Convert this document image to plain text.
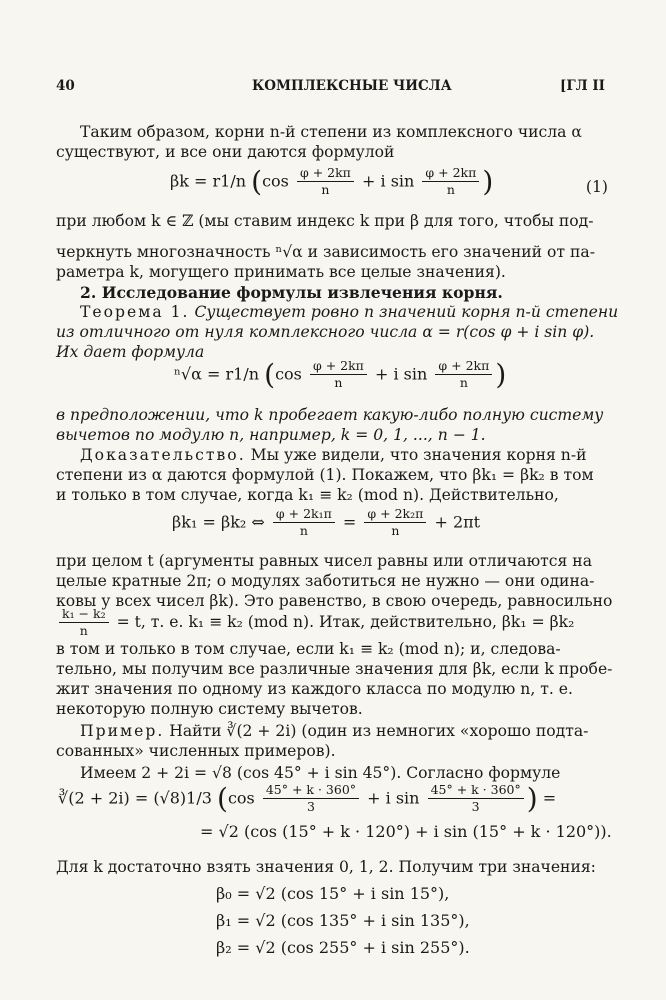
40	КОМПЛЕКСНЫЕ ЧИСЛА	[ГЛ II
Таким образом, корни n-й степени из комплексного числа α
существуют, и все они даются формулой
βk = r1/n ($\cos \frac{\varphi + 2k\pi}{n} + i$ $\sin \frac{\varphi + 2k\pi}{n}$ )	(1)
при любом k ∈ ℤ (мы ставим индекс k при β для того, чтобы под-
черкнуть многозначность ⁿ√α и зависимость его значений от па-
раметра k, могущего принимать все целые значения).
2. Исследование формулы извлечения корня.
Теорема 1. Существует ровно n значений корня n-й степени
из отличного от нуля комплексного числа α = r(cos φ + i sin φ).
Их дает формула
ⁿ√α = r1/n ($\cos \frac{\varphi + 2k\pi}{n} + i$ $\sin \frac{\varphi + 2k\pi}{n}$ )
в предположении, что k пробегает какую-либо полную систему
вычетов по модулю n, например, k = 0, 1, ..., n − 1.
Доказательство. Мы уже видели, что значения корня n-й
степени из α даются формулой (1). Покажем, что βk₁ = βk₂ в том
и только в том случае, когда k₁ ≡ k₂ (mod n). Действительно,
βk₁ = βk₂ ⇔ $\frac{\text{φ + 2k₁π}}{n} = \frac{\text{φ + 2k₂π}}{n} + 2\pi t$
при целом t (аргументы равных чисел равны или отличаются на
целые кратные 2π; о модулях заботиться не нужно — они одина-
ковы у всех чисел βk). Это равенство, в свою очередь, равносильно
$\frac{\text{k₁ − k₂}}{n} = t$, т. е. k₁ ≡ k₂ (mod n). Итак, действительно, βk₁ = βk₂
в том и только в том случае, если k₁ ≡ k₂ (mod n); и, следова-
тельно, мы получим все различные значения для βk, если k пробе-
жит значения по одному из каждого класса по модулю n, т. е.
некоторую полную систему вычетов.
Пример. Найти ∛(2 + 2i) (один из немногих «хорошо подта-
сованных» численных примеров).
Имеем 2 + 2i = √8 (cos 45° + i sin 45°). Согласно формуле
∛(2 + 2i) = (√8)1/3 ($\cos \frac{45^\circ + k \cdot 360^\circ}{3} + i$ $\sin \frac{45^\circ + k \cdot 360^\circ}{3}$ ) =
= √2 (cos (15° + k · 120°) + i sin (15° + k · 120°)).
Для k достаточно взять значения 0, 1, 2. Получим три значения:
β₀ = √2 (cos 15° + i sin 15°),
β₁ = √2 (cos 135° + i sin 135°),
β₂ = √2 (cos 255° + i sin 255°).
